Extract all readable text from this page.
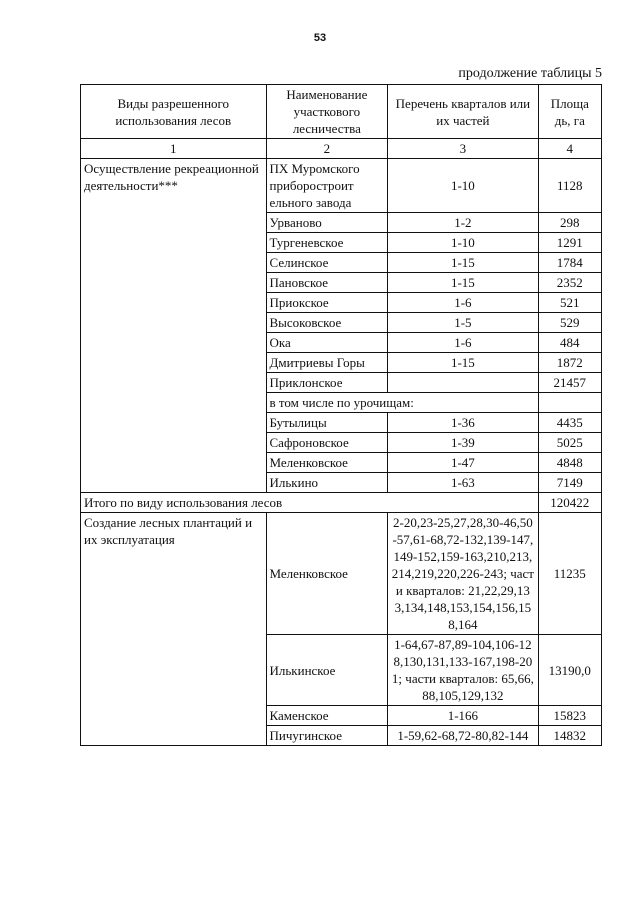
53
продолжение таблицы 5
Виды разрешенного использования лесов	Наименование участкового лесничества	Перечень кварталов или их частей	Площа дь, га
1	2	3	4
Осуществление рекреационной деятельности***	ПХ Муромского приборостроит ельного завода	1-10	1128
	Урваново	1-2	298
	Тургеневское	1-10	1291
	Селинское	1-15	1784
	Пановское	1-15	2352
	Приокское	1-6	521
	Высоковское	1-5	529
	Ока	1-6	484
	Дмитриевы Горы	1-15	1872
	Приклонское		21457
	в том числе по урочищам:		
	Бутылицы	1-36	4435
	Сафроновское	1-39	5025
	Меленковское	1-47	4848
	Илькино	1-63	7149
Итого по виду использования лесов			120422
Создание лесных плантаций и их эксплуатация	Меленковское	2-20,23-25,27,28,30-46,50-57,61-68,72-132,139-147,149-152,159-163,210,213,214,219,220,226-243; части кварталов: 21,22,29,133,134,148,153,154,156,158,164	11235
	Илькинское	1-64,67-87,89-104,106-128,130,131,133-167,198-201; части кварталов: 65,66,88,105,129,132	13190,0
	Каменское	1-166	15823
	Пичугинское	1-59,62-68,72-80,82-144	14832
